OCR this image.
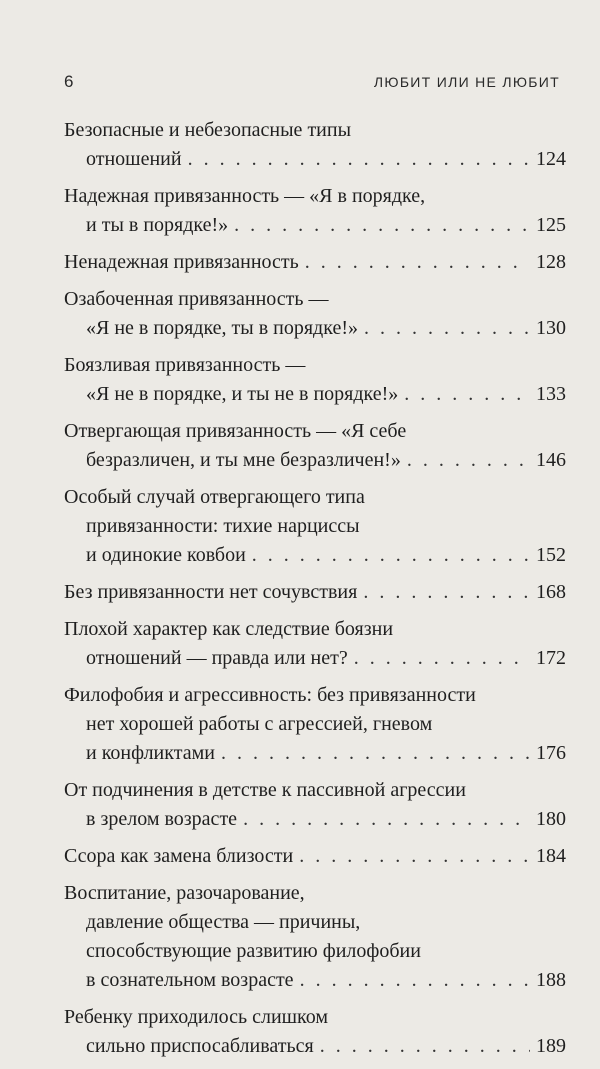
6	ЛЮБИТ ИЛИ НЕ ЛЮБИТ
Безопасные и небезопасные типы
отношений . . .	124
Надежная привязанность — «Я в порядке,
и ты в порядке!» . . .	125
Ненадежная привязанность . . .	128
Озабоченная привязанность —
«Я не в порядке, ты в порядке!» . . .	130
Боязливая привязанность —
«Я не в порядке, и ты не в порядке!» . . .	133
Отвергающая привязанность — «Я себе
безразличен, и ты мне безразличен!» . . .	146
Особый случай отвергающего типа
привязанности: тихие нарциссы
и одинокие ковбои . . .	152
Без привязанности нет сочувствия . . .	168
Плохой характер как следствие боязни
отношений — правда или нет? . . .	172
Филофобия и агрессивность: без привязанности
нет хорошей работы с агрессией, гневом
и конфликтами . . .	176
От подчинения в детстве к пассивной агрессии
в зрелом возрасте . . .	180
Ссора как замена близости . . .	184
Воспитание, разочарование,
давление общества — причины,
способствующие развитию филофобии
в сознательном возрасте . . .	188
Ребенку приходилось слишком
сильно приспосабливаться . . .	189
